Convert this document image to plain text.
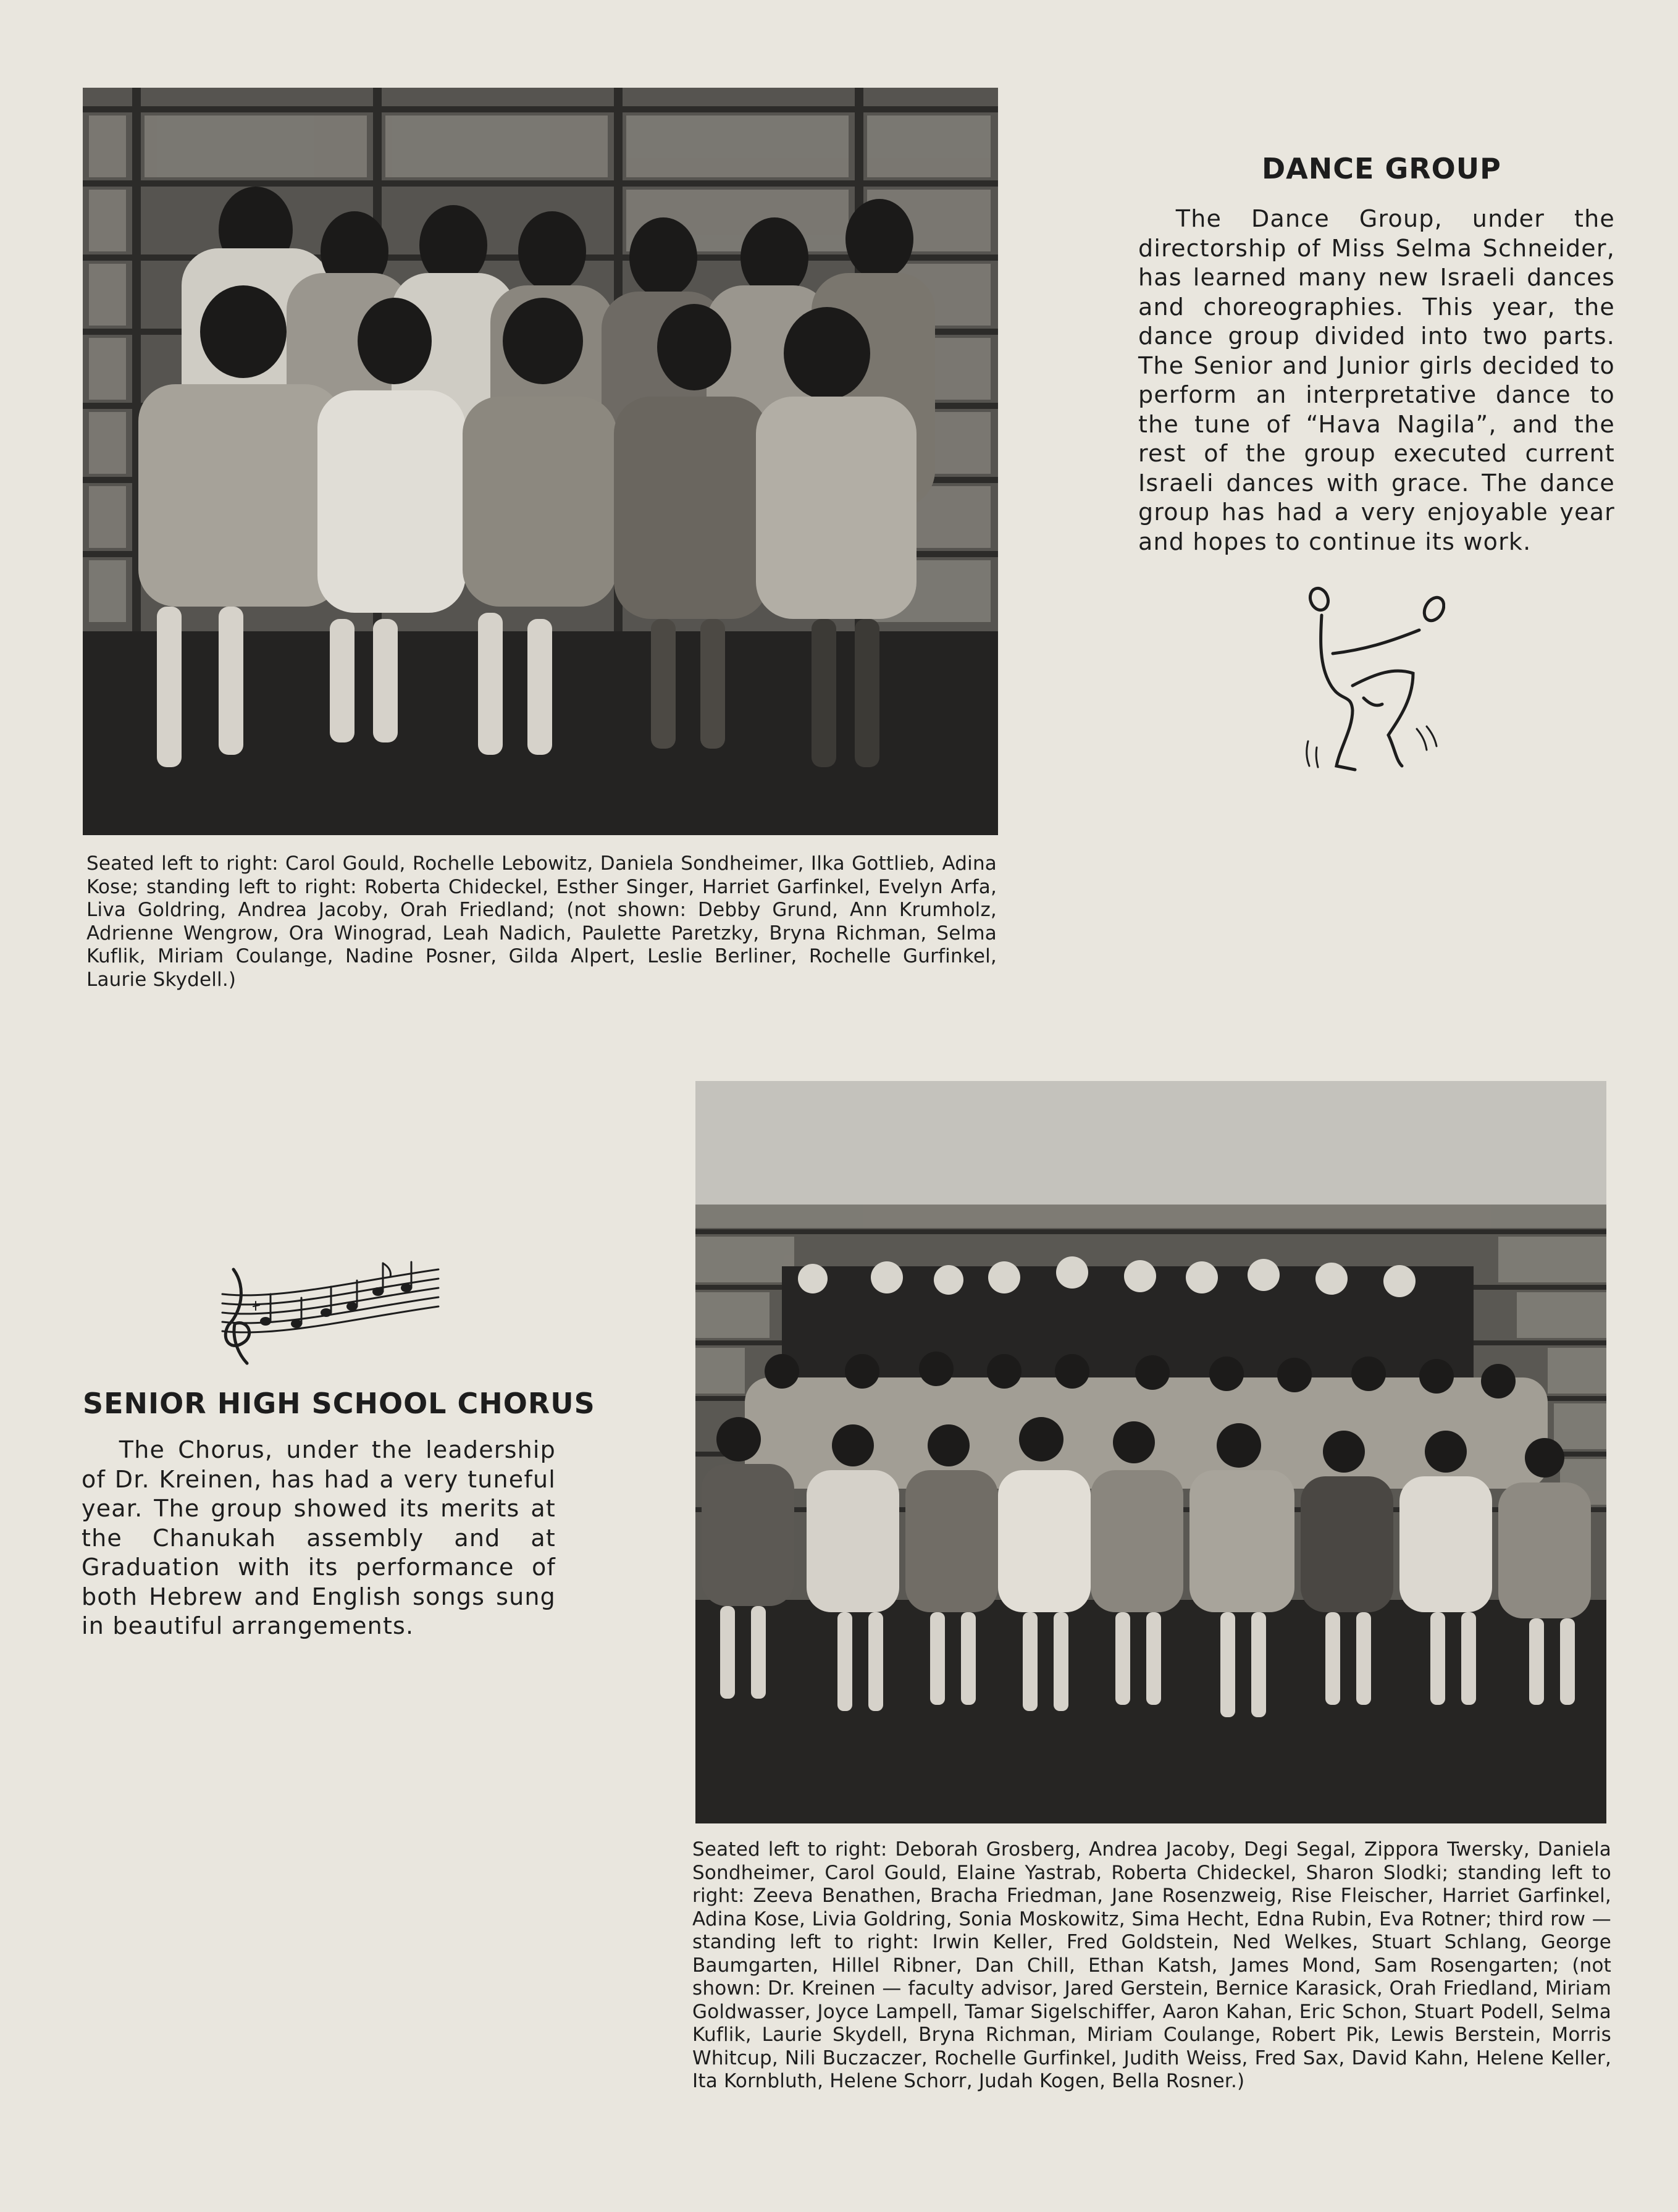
Seated left to right: Carol Gould, Rochelle Lebowitz, Daniela Sondheimer, Ilka Gottlieb, Adina Kose; standing left to right: Roberta Chideckel, Esther Singer, Harriet Garfinkel, Evelyn Arfa, Liva Goldring, Andrea Jacoby, Orah Friedland; (not shown: Debby Grund, Ann Krumholz, Adrienne Wengrow, Ora Winograd, Leah Nadich, Paulette Paretzky, Bryna Richman, Selma Kuflik, Miriam Coulange, Nadine Posner, Gilda Alpert, Leslie Berliner, Rochelle Gurfinkel, Laurie Skydell.)
DANCE GROUP

The Dance Group, under the directorship of Miss Selma Schneider, has learned many new Israeli dances and choreographies. This year, the dance group divided into two parts. The Senior and Junior girls decided to perform an interpretative dance to the tune of “Hava Nagila”, and the rest of the group executed current Israeli dances with grace. The dance group has had a very enjoyable year and hopes to continue its work.

SENIOR HIGH SCHOOL CHORUS

The Chorus, under the leadership of Dr. Kreinen, has had a very tuneful year. The group showed its merits at the Chanukah assembly and at Graduation with its performance of both Hebrew and English songs sung in beautiful arrangements.

Seated left to right: Deborah Grosberg, Andrea Jacoby, Degi Segal, Zippora Twersky, Daniela Sondheimer, Carol Gould, Elaine Yastrab, Roberta Chideckel, Sharon Slodki; standing left to right: Zeeva Benathen, Bracha Friedman, Jane Rosenzweig, Rise Fleischer, Harriet Garfinkel, Adina Kose, Livia Goldring, Sonia Moskowitz, Sima Hecht, Edna Rubin, Eva Rotner; third row — standing left to right: Irwin Keller, Fred Goldstein, Ned Welkes, Stuart Schlang, George Baumgarten, Hillel Ribner, Dan Chill, Ethan Katsh, James Mond, Sam Rosengarten; (not shown: Dr. Kreinen — faculty advisor, Jared Gerstein, Bernice Karasick, Orah Friedland, Miriam Goldwasser, Joyce Lampell, Tamar Sigelschiffer, Aaron Kahan, Eric Schon, Stuart Podell, Selma Kuflik, Laurie Skydell, Bryna Richman, Miriam Coulange, Robert Pik, Lewis Berstein, Morris Whitcup, Nili Buczaczer, Rochelle Gurfinkel, Judith Weiss, Fred Sax, David Kahn, Helene Keller, Ita Kornbluth, Helene Schorr, Judah Kogen, Bella Rosner.)
